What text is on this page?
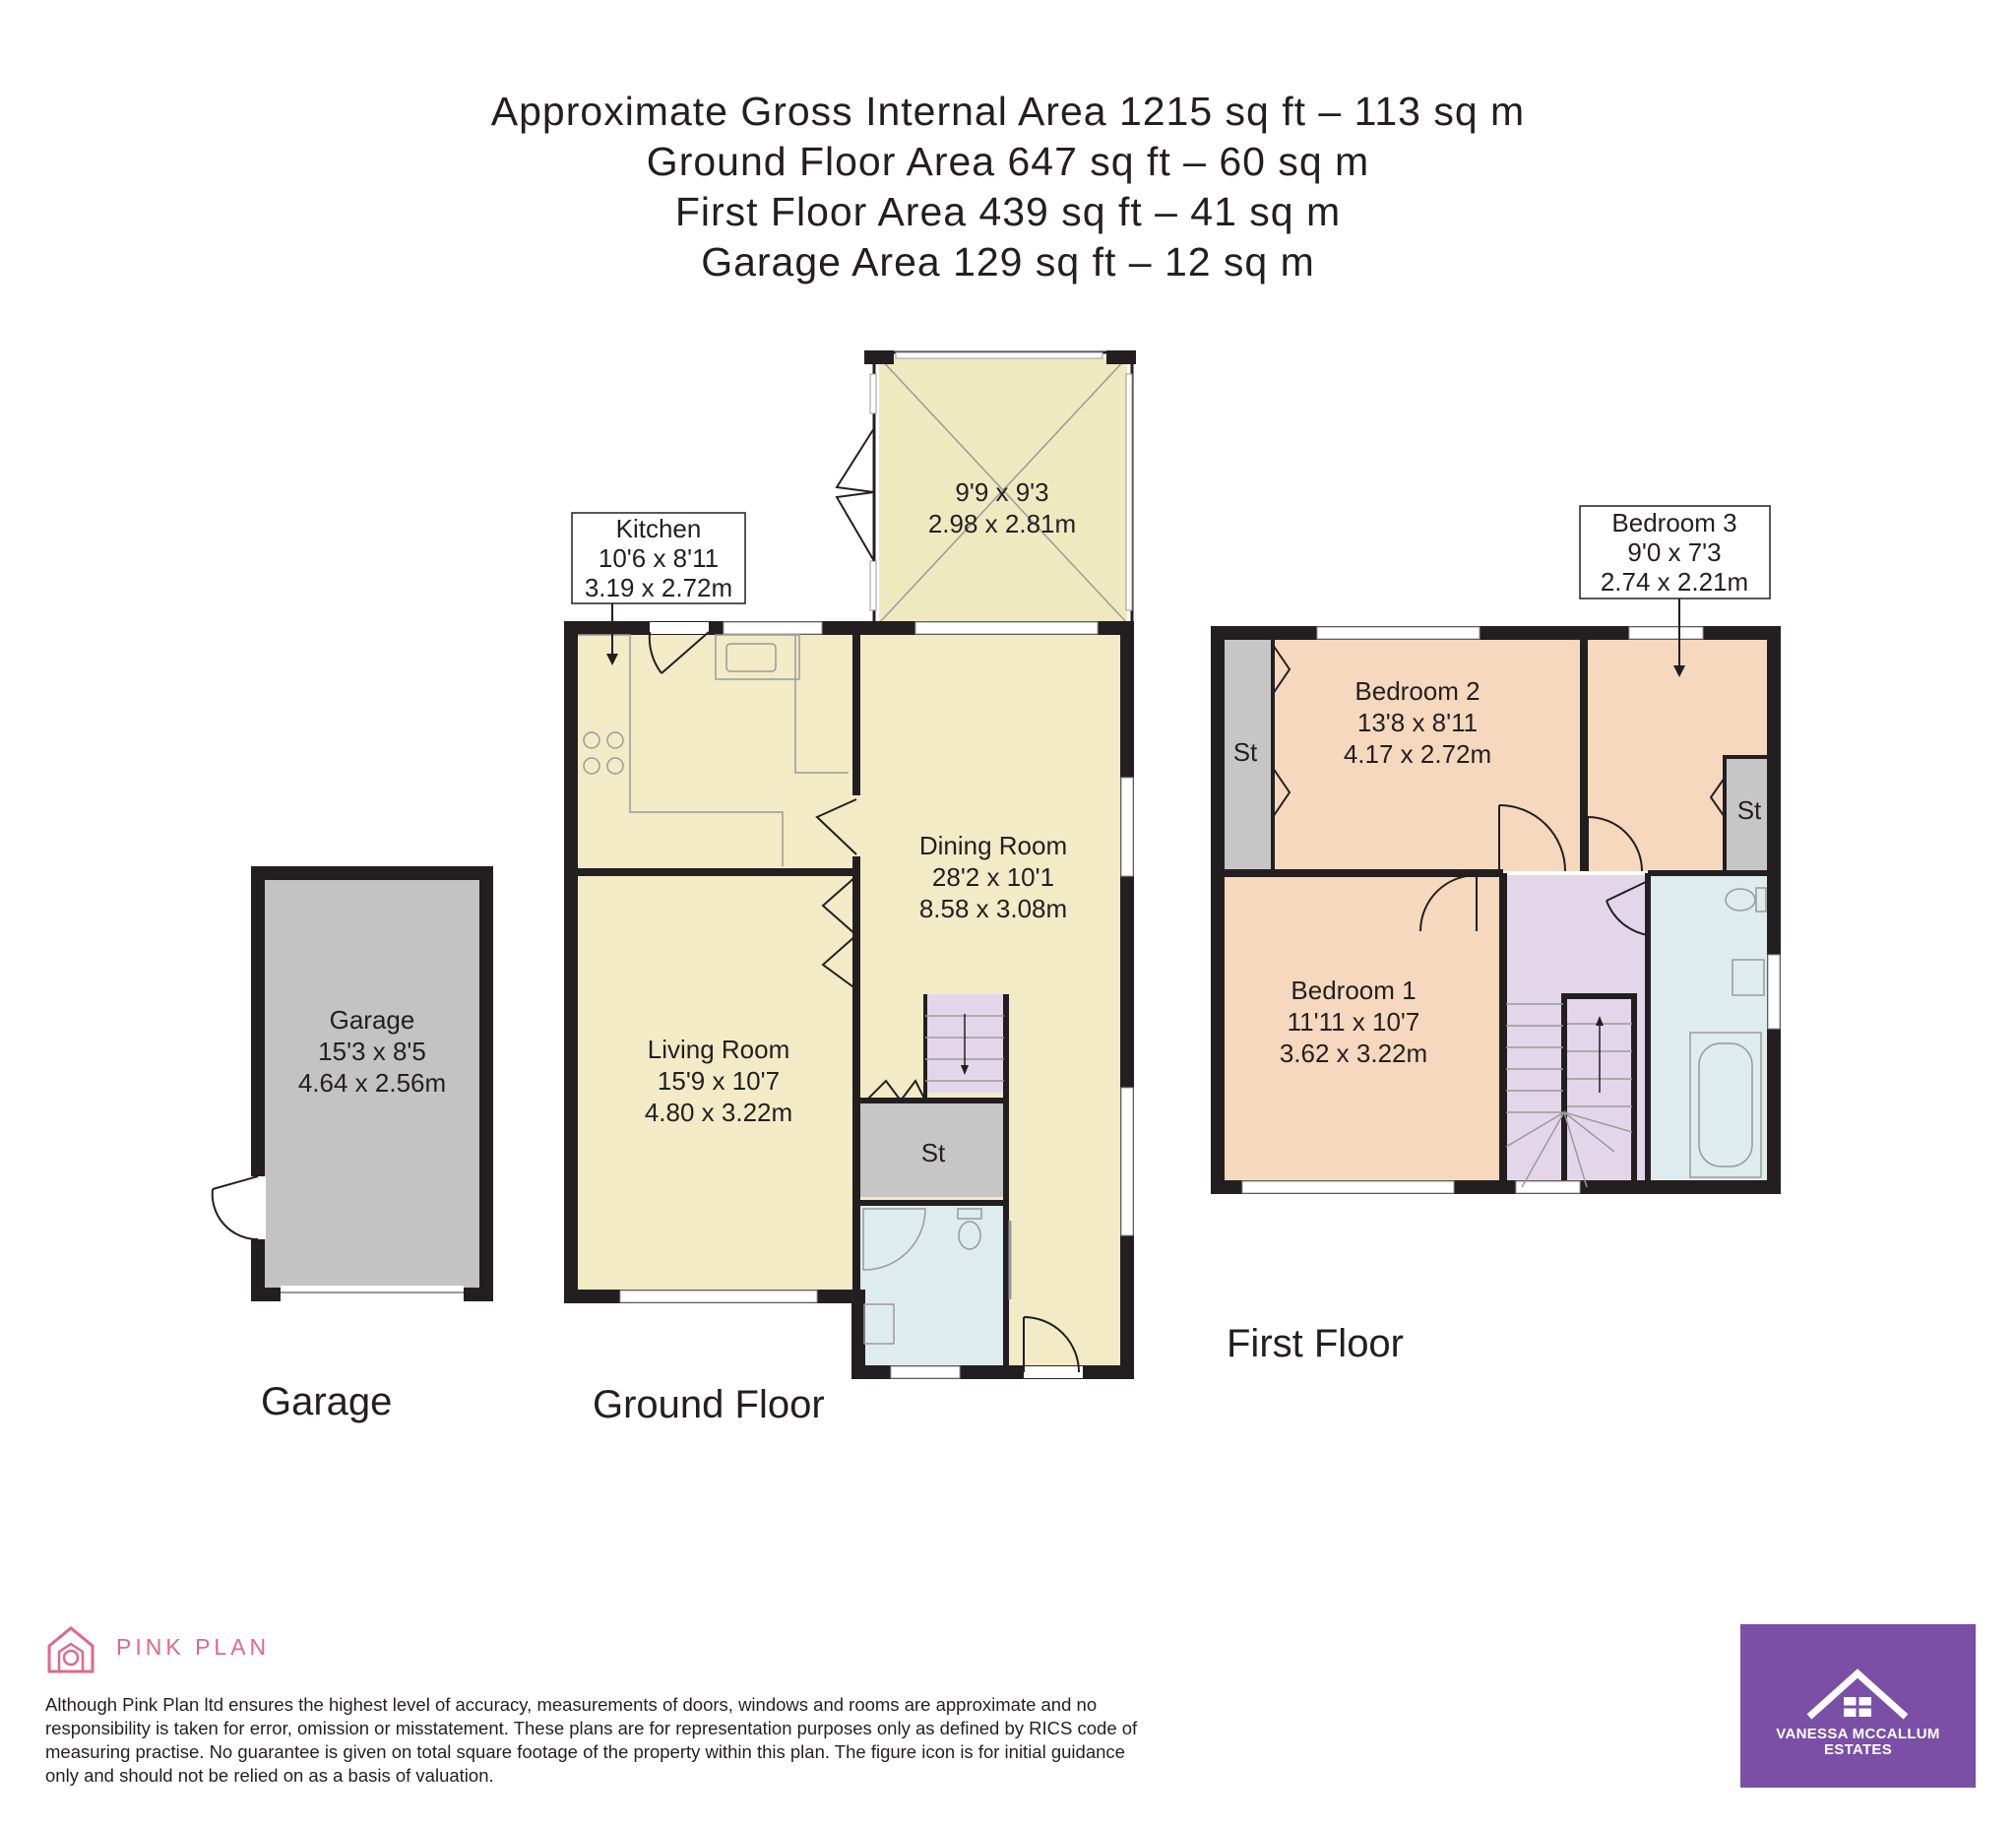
Approximate Gross Internal Area 1215 sq ft – 113 sq m
Ground Floor Area 647 sq ft – 60 sq m
First Floor Area 439 sq ft – 41 sq m
Garage Area 129 sq ft – 12 sq m
Garage
15'3 x 8'5
4.64 x 2.56m
9'9 x 9'3
2.98 x 2.81m
Dining Room
28'2 x 10'1
8.58 x 3.08m
Living Room
15'9 x 10'7
4.80 x 3.22m
St
Kitchen
10'6 x 8'11
3.19 x 2.72m
Bedroom 1
11'11 x 10'7
3.62 x 3.22m
Bedroom 2
13'8 x 8'11
4.17 x 2.72m
St
St
Bedroom 3
9'0 x 7'3
2.74 x 2.21m
Garage	Ground Floor
First Floor
PINK PLAN
Although Pink Plan ltd ensures the highest level of accuracy, measurements of doors, windows and rooms are approximate and no responsibility is taken for error, omission or misstatement. These plans are for representation purposes only as defined by RICS code of measuring practise. No guarantee is given on total square footage of the property within this plan. The figure icon is for initial guidance only and should not be relied on as a basis of valuation.
VANESSA MCCALLUM
ESTATES
